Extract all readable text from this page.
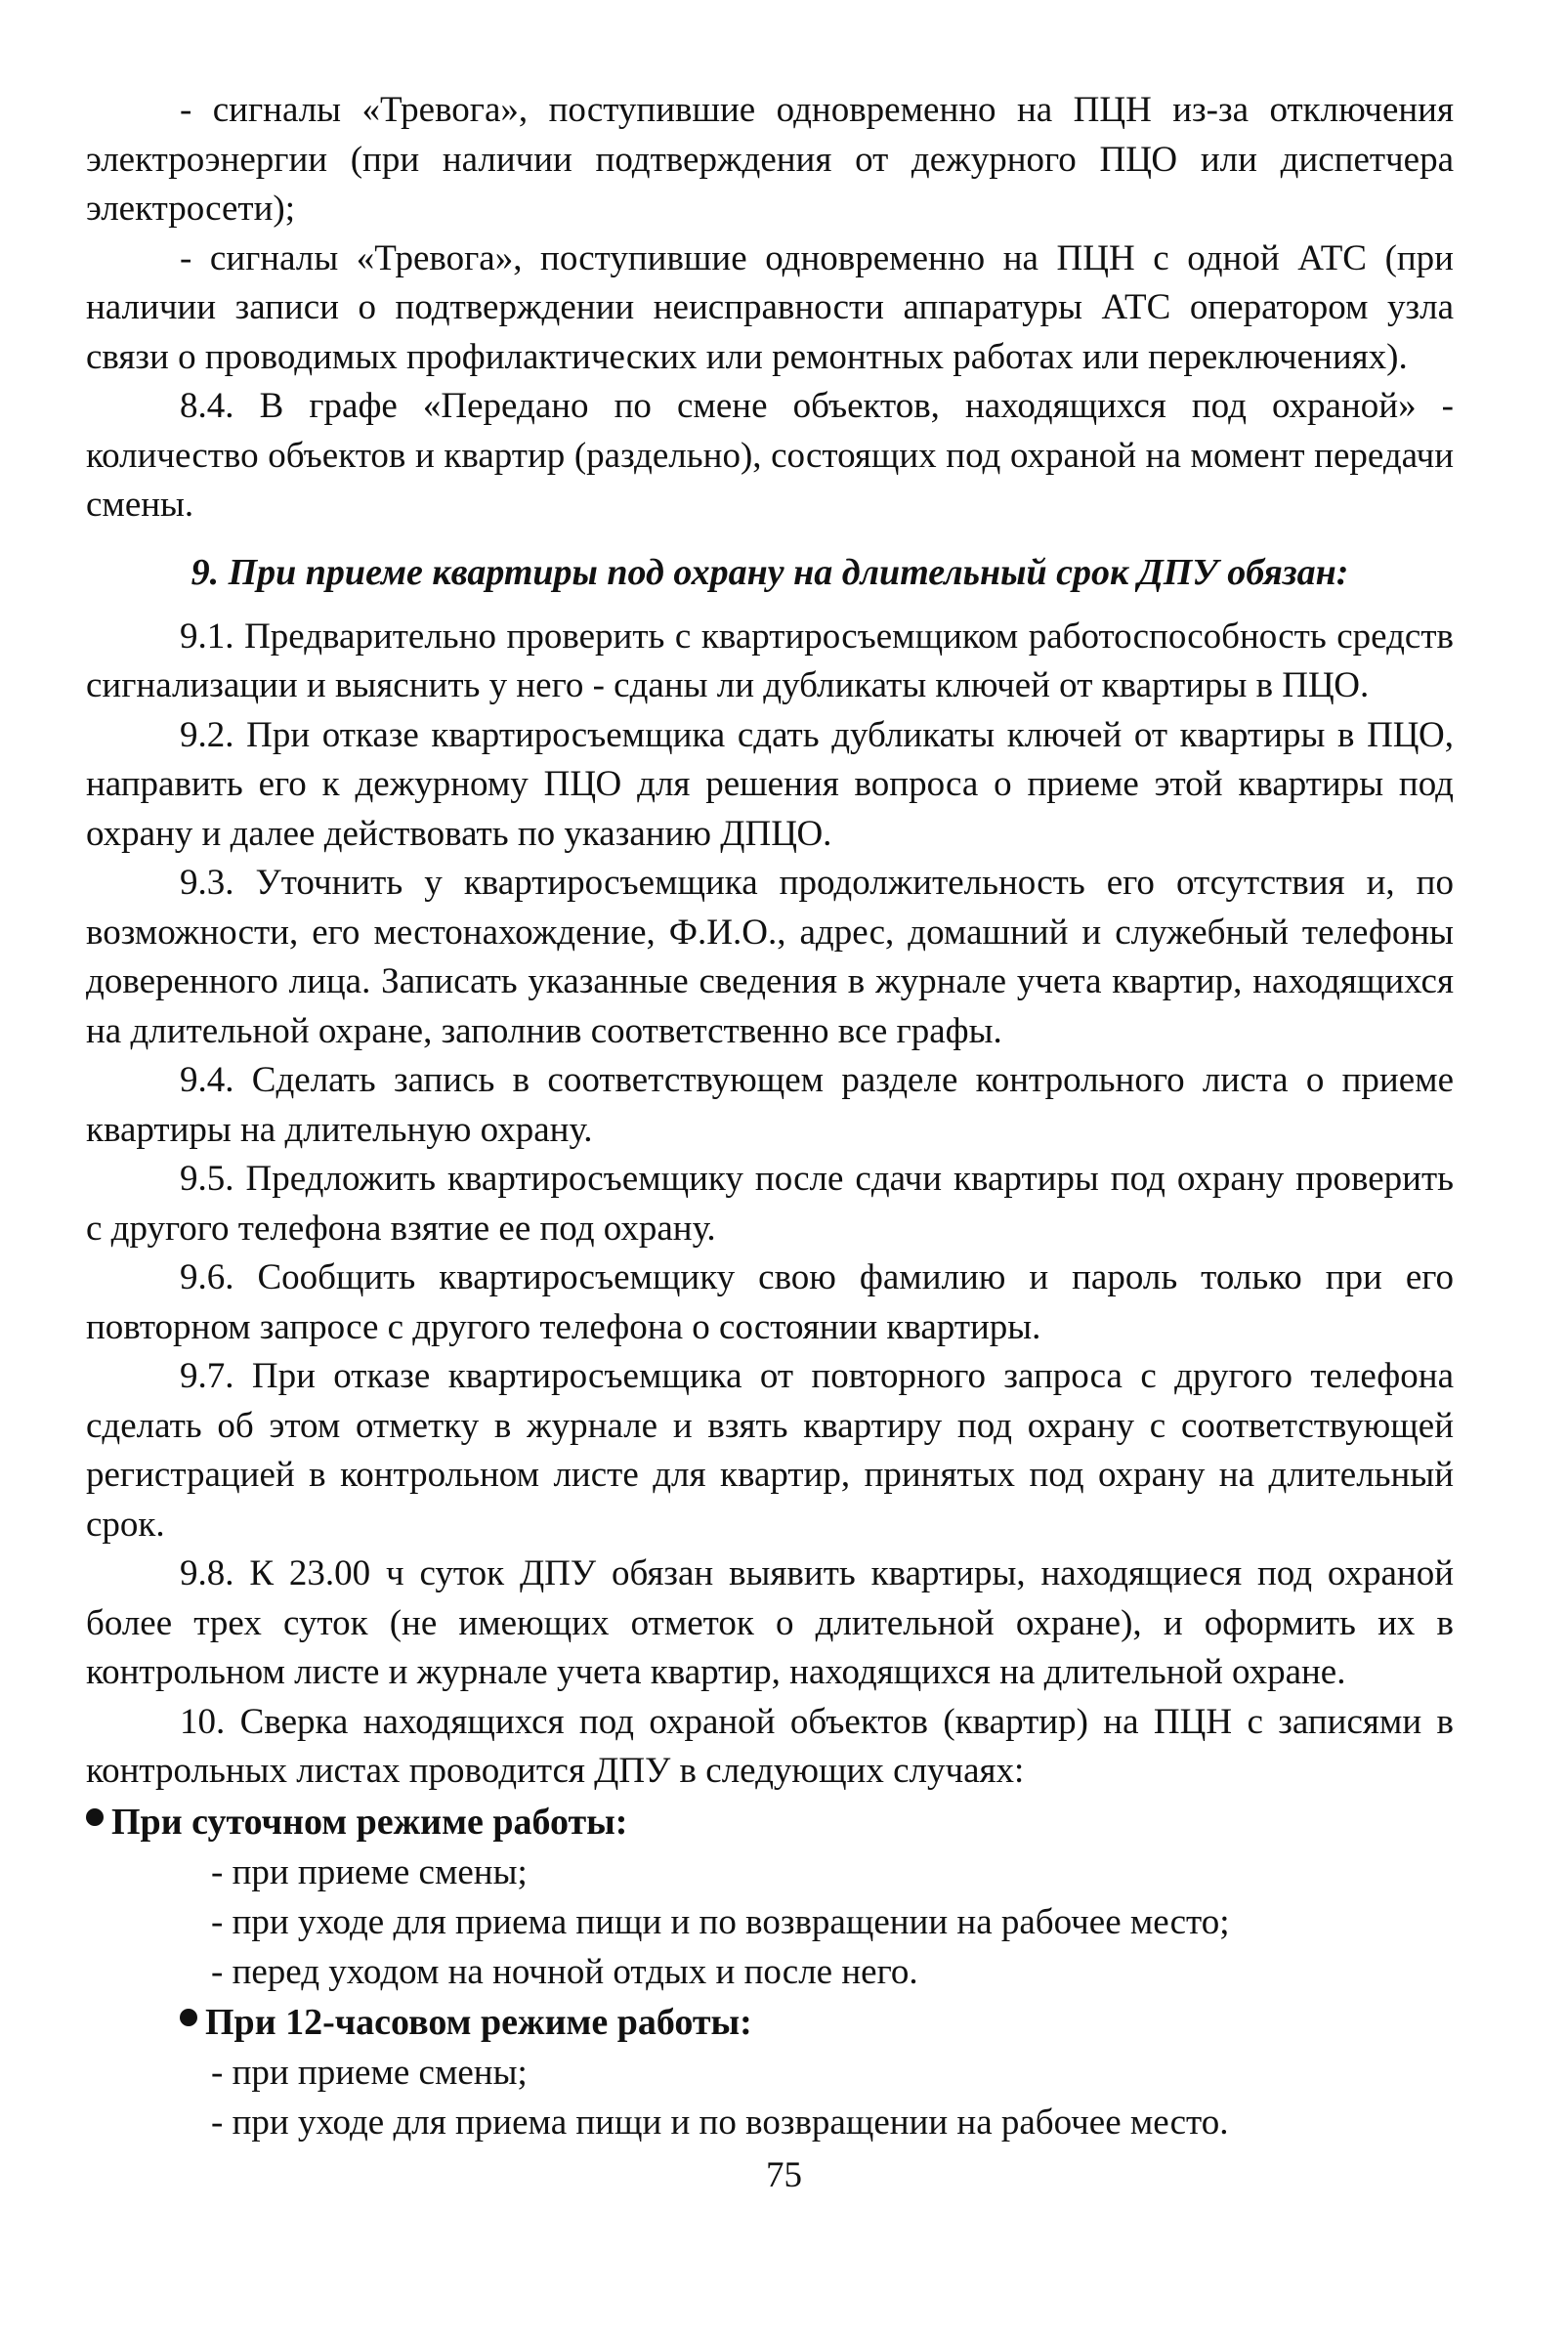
- сигналы «Тревога», поступившие одновременно на ПЦН из-за отключения электроэнергии (при наличии подтверждения от дежурного ПЦО или диспетчера электросети);

- сигналы «Тревога», поступившие одновременно на ПЦН с одной АТС (при наличии записи о подтверждении неисправности аппаратуры АТС оператором узла связи о проводимых профилактических или ремонтных работах или переключениях).

8.4. В графе «Передано по смене объектов, находящихся под охраной» - количество объектов и квартир (раздельно), состоящих под охраной на момент передачи смены.

9. При приеме квартиры под охрану на длительный срок ДПУ обязан:

9.1. Предварительно проверить с квартиросъемщиком работоспособность средств сигнализации и выяснить у него - сданы ли дубликаты ключей от квартиры в ПЦО.

9.2. При отказе квартиросъемщика сдать дубликаты ключей от квартиры в ПЦО, направить его к дежурному ПЦО для решения вопроса о приеме этой квартиры под охрану и далее действовать по указанию ДПЦО.

9.3. Уточнить у квартиросъемщика продолжительность его отсутствия и, по возможности, его местонахождение, Ф.И.О., адрес, домашний и служебный телефоны доверенного лица. Записать указанные сведения в журнале учета квартир, находящихся на длительной охране, заполнив соответственно все графы.

9.4. Сделать запись в соответствующем разделе контрольного листа о приеме квартиры на длительную охрану.

9.5. Предложить квартиросъемщику после сдачи квартиры под охрану проверить с другого телефона взятие ее под охрану.

9.6. Сообщить квартиросъемщику свою фамилию и пароль только при его повторном запросе с другого телефона о состоянии квартиры.

9.7. При отказе квартиросъемщика от повторного запроса с другого телефона сделать об этом отметку в журнале и взять квартиру под охрану с соответствующей регистрацией в контрольном листе для квартир, принятых под охрану на длительный срок.

9.8. К 23.00 ч суток ДПУ обязан выявить квартиры, находящиеся под охраной более трех суток (не имеющих отметок о длительной охране), и оформить их в контрольном листе и журнале учета квартир, находящихся на длительной охране.

10. Сверка находящихся под охраной объектов (квартир) на ПЦН с записями в контрольных листах проводится ДПУ в следующих случаях:

При суточном режиме работы:

- при приеме смены;

- при уходе для приема пищи и по возвращении на рабочее место;

- перед уходом на ночной отдых и после него.

При 12-часовом режиме работы:

- при приеме смены;

- при уходе для приема пищи и по возвращении на рабочее место.

75
